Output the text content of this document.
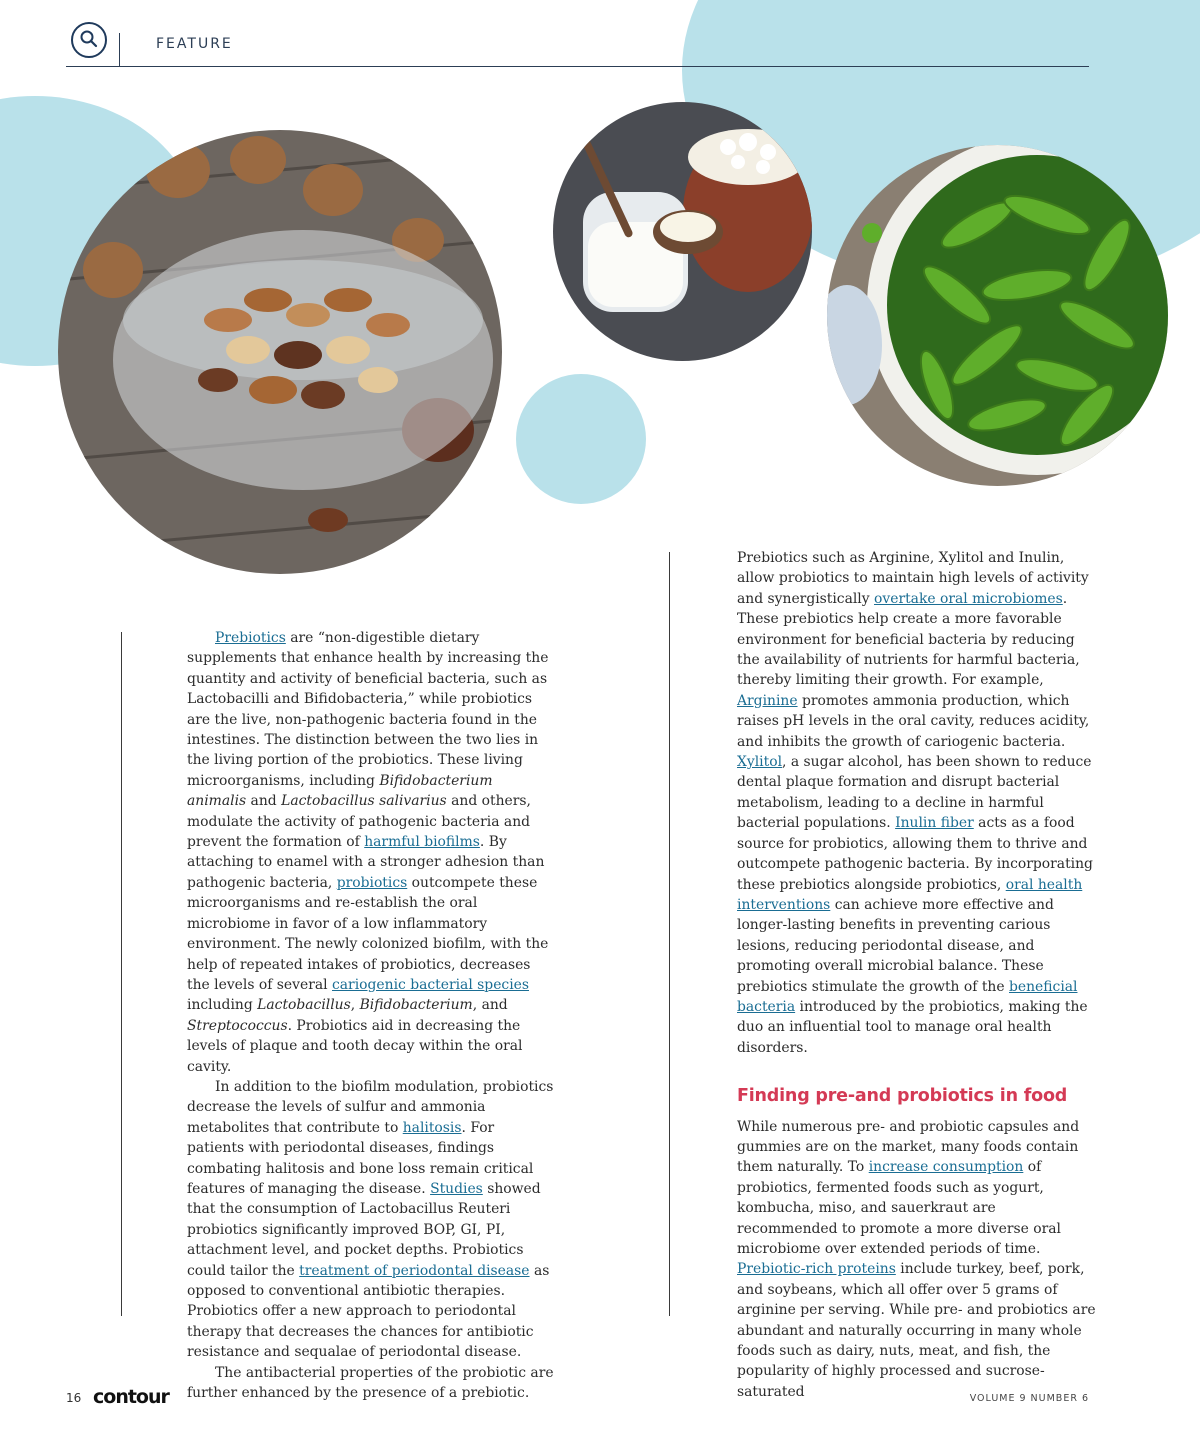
FEATURE

Prebiotics are “non-digestible dietary supplements that enhance health by increasing the quantity and activity of beneficial bacteria, such as Lactobacilli and Bifidobacteria,” while probiotics are the live, non-pathogenic bacteria found in the intestines. The distinction between the two lies in the living portion of the probiotics. These living microorganisms, including Bifidobacterium animalis and Lactobacillus salivarius and others, modulate the activity of pathogenic bacteria and prevent the formation of harmful biofilms. By attaching to enamel with a stronger adhesion than pathogenic bacteria, probiotics outcompete these microorganisms and re-establish the oral microbiome in favor of a low inflammatory environment. The newly colonized biofilm, with the help of repeated intakes of probiotics, decreases the levels of several cariogenic bacterial species including Lactobacillus, Bifidobacterium, and Streptococcus. Probiotics aid in decreasing the levels of plaque and tooth decay within the oral cavity.

In addition to the biofilm modulation, probiotics decrease the levels of sulfur and ammonia metabolites that contribute to halitosis. For patients with periodontal diseases, findings combating halitosis and bone loss remain critical features of managing the disease. Studies showed that the consumption of Lactobacillus Reuteri probiotics significantly improved BOP, GI, PI, attachment level, and pocket depths. Probiotics could tailor the treatment of periodontal disease as opposed to conventional antibiotic therapies. Probiotics offer a new approach to periodontal therapy that decreases the chances for antibiotic resistance and sequalae of periodontal disease.

The antibacterial properties of the probiotic are further enhanced by the presence of a prebiotic.

Prebiotics such as Arginine, Xylitol and Inulin, allow probiotics to maintain high levels of activity and synergistically overtake oral microbiomes. These prebiotics help create a more favorable environment for beneficial bacteria by reducing the availability of nutrients for harmful bacteria, thereby limiting their growth. For example, Arginine promotes ammonia production, which raises pH levels in the oral cavity, reduces acidity, and inhibits the growth of cariogenic bacteria. Xylitol, a sugar alcohol, has been shown to reduce dental plaque formation and disrupt bacterial metabolism, leading to a decline in harmful bacterial populations. Inulin fiber acts as a food source for probiotics, allowing them to thrive and outcompete pathogenic bacteria. By incorporating these prebiotics alongside probiotics, oral health interventions can achieve more effective and longer-lasting benefits in preventing carious lesions, reducing periodontal disease, and promoting overall microbial balance. These prebiotics stimulate the growth of the beneficial bacteria introduced by the probiotics, making the duo an influential tool to manage oral health disorders.

Finding pre-and probiotics in food

While numerous pre- and probiotic capsules and gummies are on the market, many foods contain them naturally. To increase consumption of probiotics, fermented foods such as yogurt, kombucha, miso, and sauerkraut are recommended to promote a more diverse oral microbiome over extended periods of time. Prebiotic-rich proteins include turkey, beef, pork, and soybeans, which all offer over 5 grams of arginine per serving. While pre- and probiotics are abundant and naturally occurring in many whole foods such as dairy, nuts, meat, and fish, the popularity of highly processed and sucrose-saturated

16 contour	VOLUME 9 NUMBER 6
